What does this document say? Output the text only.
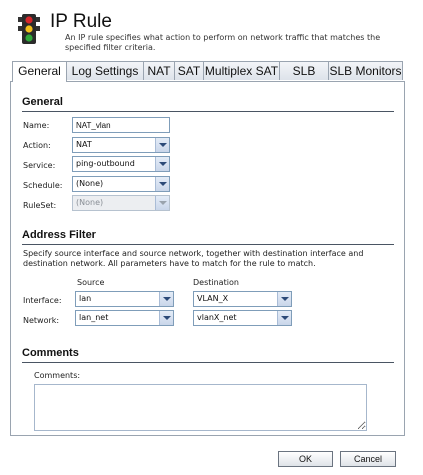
IP Rule
An IP rule specifies what action to perform on network traffic that matches the specified filter criteria.
General Log Settings NAT SAT Multiplex SAT	SLB	SLB Monitors
General
Name:
NAT_vlan
Action:	NAT
Service:	ping-outbound
Schedule:	(None)
RuleSet:	(None)
Address Filter
Specify source interface and source network, together with destination interface and destination network. All parameters have to match for the rule to match.
Source	Destination
Interface:	lan	VLAN_X
Network:	lan_net	vlanX_net
Comments
Comments:
OK	Cancel
